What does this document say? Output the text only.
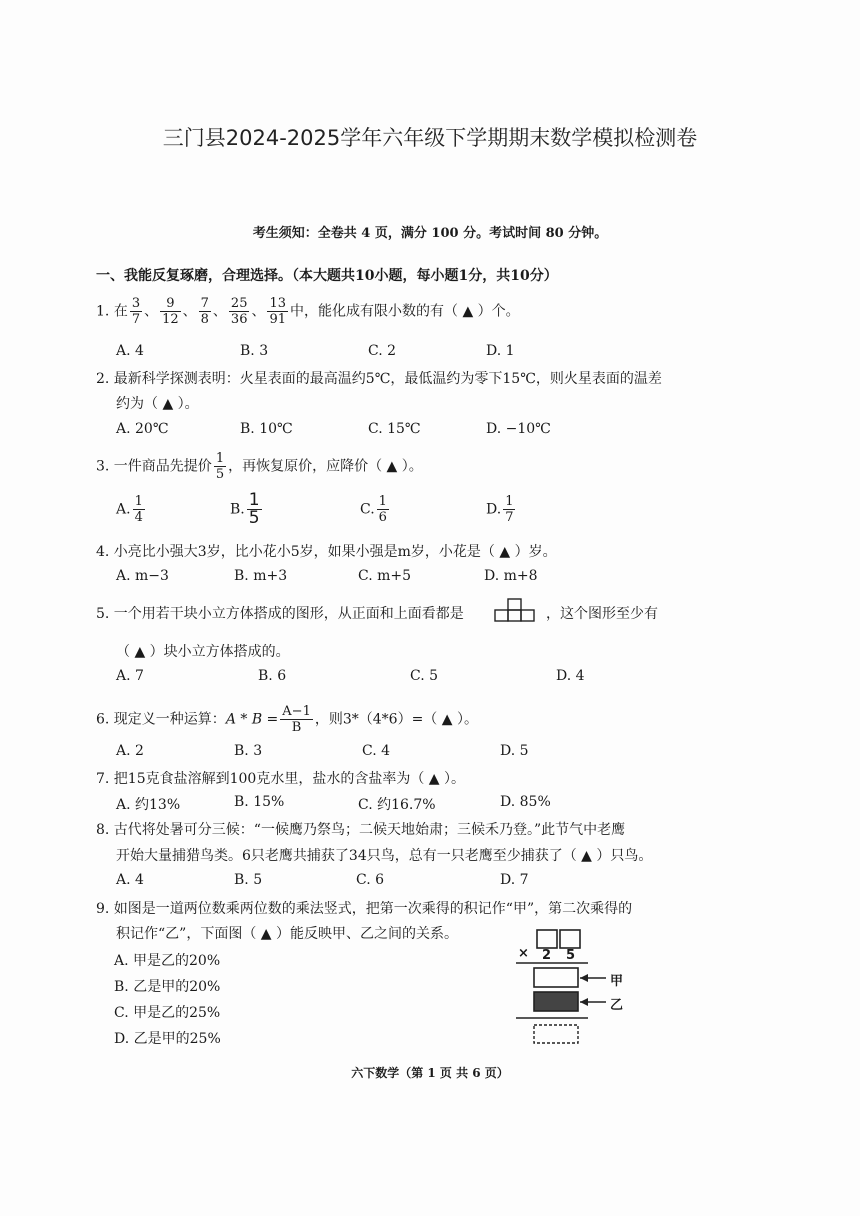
三门县2024-2025学年六年级下学期期末数学模拟检测卷
考生须知：全卷共 4 页，满分 100 分。考试时间 80 分钟。
一、我能反复琢磨，合理选择。（本大题共10小题，每小题1分，共10分）
1. 在 $\frac{3}{7}$ 、 $\frac{9}{12}$ 、 $\frac{7}{8}$ 、 $\frac{25}{36}$ 、 $\frac{13}{91}$ 中，能化成有限小数的有（ ▲ ）个。
A. 4	B. 3	C. 2	D. 1
2. 最新科学探测表明：火星表面的最高温约5℃，最低温约为零下15℃，则火星表面的温差
约为（ ▲ ）。
A. 20℃	B. 10℃	C. 15℃	D. −10℃
3. 一件商品先提价 $\frac{1}{5}$ ，再恢复原价，应降价（ ▲ ）。
A. $\frac{1}{4}$	B. $\frac{1}{5}$	C. $\frac{1}{6}$	D. $\frac{1}{7}$
4. 小亮比小强大3岁，比小花小5岁，如果小强是m岁，小花是（ ▲ ）岁。
A. m−3	B. m+3	C. m+5	D. m+8
5. 一个用若干块小立方体搭成的图形，从正面和上面看都是	，这个图形至少有
（ ▲ ）块小立方体搭成的。
A. 7	B. 6	C. 5	D. 4
6. 现定义一种运算：$A * B = \frac{A-1}{B}$ ，则3*（4*6）=（ ▲ ）。
A. 2	B. 3	C. 4	D. 5
7. 把15克食盐溶解到100克水里，盐水的含盐率为（ ▲ ）。
A. 约13%	B. 15%	C. 约16.7%	D. 85%
8. 古代将处暑可分三候：“一候鹰乃祭鸟；二候天地始肃；三候禾乃登。”此节气中老鹰
开始大量捕猎鸟类。6只老鹰共捕获了34只鸟，总有一只老鹰至少捕获了（ ▲ ）只鸟。
A. 4	B. 5	C. 6	D. 7
9. 如图是一道两位数乘两位数的乘法竖式，把第一次乘得的积记作“甲”，第二次乘得的
积记作“乙”，下面图（ ▲ ）能反映甲、乙之间的关系。
A. 甲是乙的20%
B. 乙是甲的20%
C. 甲是乙的25%
D. 乙是甲的25%
× 2 5
甲
乙
六下数学（第 1 页 共 6 页）
